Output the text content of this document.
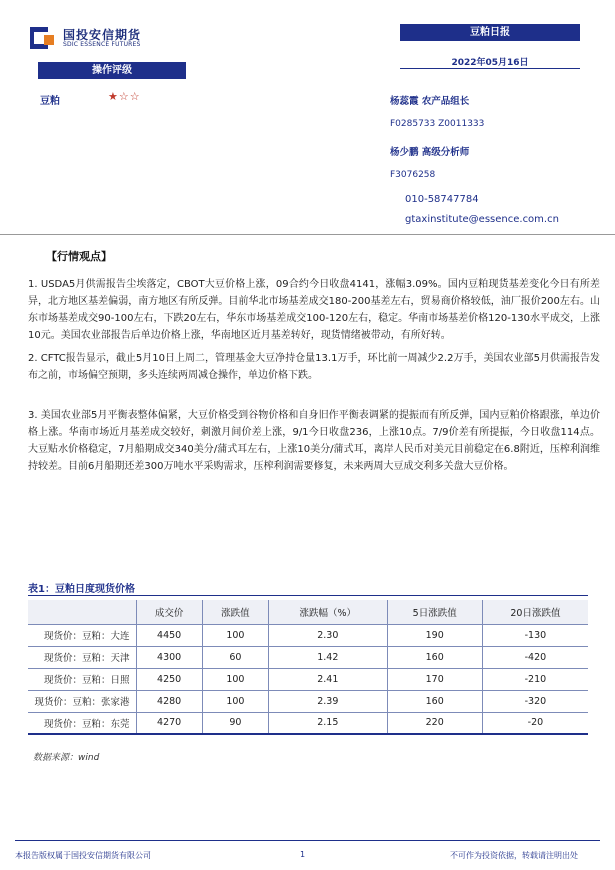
国投安信期货
SDIC ESSENCE FUTURES
豆粕日报
2022年05月16日
操作评级
豆粕	★☆☆	杨蕊霞 农产品组长
F0285733 Z0011333
杨少鹏 高级分析师
F3076258
010-58747784
gtaxinstitute@essence.com.cn
【行情观点】
1. USDA5月供需报告尘埃落定，CBOT大豆价格上涨，09合约今日收盘4141，涨幅3.09%。国内豆粕现货基差变化今日有所差异，北方地区基差偏弱，南方地区有所反弹。目前华北市场基差成交180-200基差左右，贸易商价格较低，油厂报价200左右。山东市场基差成交90-100左右，下跌20左右，华东市场基差成交100-120左右，稳定。华南市场基差价格120-130水平成交，上涨10元。美国农业部报告后单边价格上涨，华南地区近月基差转好，现货情绪被带动，有所好转。
2. CFTC报告显示，截止5月10日上周二，管理基金大豆净持仓量13.1万手，环比前一周减少2.2万手，美国农业部5月供需报告发布之前，市场偏空预期，多头连续两周减仓操作，单边价格下跌。
3. 美国农业部5月平衡表整体偏紧，大豆价格受到谷物价格和自身旧作平衡表调紧的提振而有所反弹，国内豆粕价格跟涨，单边价格上涨。华南市场近月基差成交较好，刺激月间价差上涨，9/1今日收盘236，上涨10点。7/9价差有所提振，今日收盘114点。大豆贴水价格稳定，7月船期成交340美分/蒲式耳左右，上涨10美分/蒲式耳，离岸人民币对美元目前稳定在6.8附近，压榨利润维持较差。目前6月船期还差300万吨水平采购需求，压榨利润需要修复，未来两周大豆成交利多关盘大豆价格。
表1：豆粕日度现货价格
	成交价	涨跌值	涨跌幅（%）	5日涨跌值	20日涨跌值
现货价：豆粕：大连	4450	100	2.30	190	-130
现货价：豆粕：天津	4300	60	1.42	160	-420
现货价：豆粕：日照	4250	100	2.41	170	-210
现货价：豆粕：张家港	4280	100	2.39	160	-320
现货价：豆粕：东莞	4270	90	2.15	220	-20
数据来源：wind
本报告版权属于国投安信期货有限公司	1	不可作为投资依据，转载请注明出处
